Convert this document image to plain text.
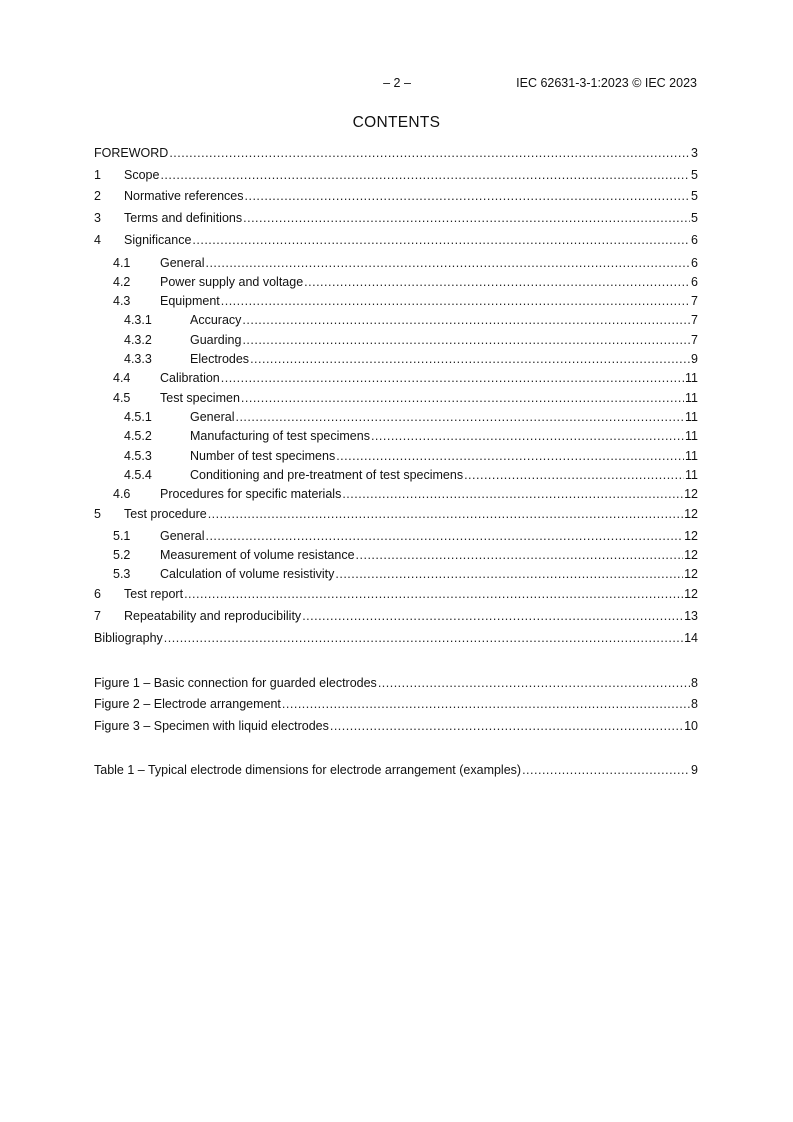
– 2 –	IEC 62631-3-1:2023 © IEC 2023
CONTENTS
FOREWORD .....	3
1	Scope .....	5
2	Normative references .....	5
3	Terms and definitions .....	5
4	Significance .....	6
4.1	General .....	6
4.2	Power supply and voltage .....	6
4.3	Equipment .....	7
4.3.1	Accuracy .....	7
4.3.2	Guarding .....	7
4.3.3	Electrodes .....	9
4.4	Calibration .....	11
4.5	Test specimen .....	11
4.5.1	General .....	11
4.5.2	Manufacturing of test specimens .....	11
4.5.3	Number of test specimens .....	11
4.5.4	Conditioning and pre-treatment of test specimens .....	11
4.6	Procedures for specific materials .....	12
5	Test procedure .....	12
5.1	General .....	12
5.2	Measurement of volume resistance .....	12
5.3	Calculation of volume resistivity .....	12
6	Test report .....	12
7	Repeatability and reproducibility .....	13
Bibliography .....	14
Figure 1 – Basic connection for guarded electrodes .....	8
Figure 2 – Electrode arrangement .....	8
Figure 3 – Specimen with liquid electrodes .....	10
Table 1 – Typical electrode dimensions for electrode arrangement (examples) .....	9
